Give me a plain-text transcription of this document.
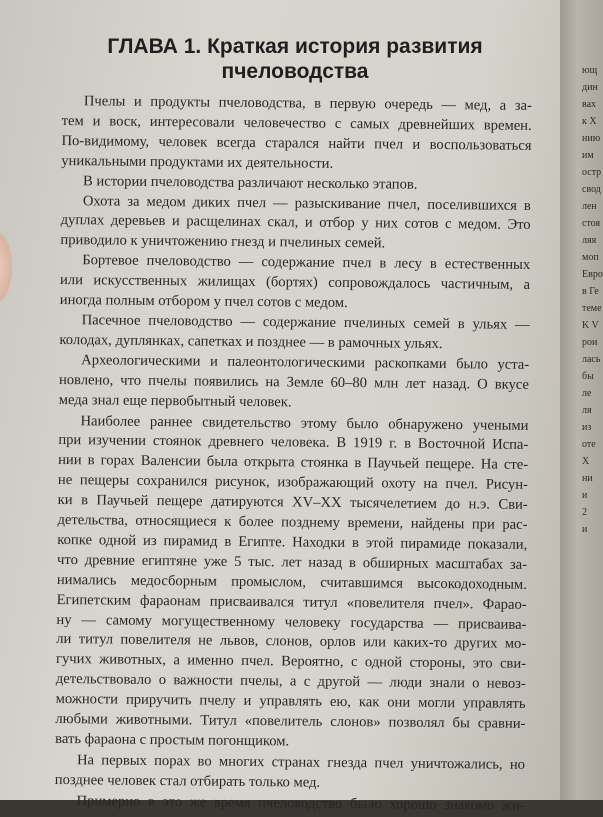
ГЛАВА 1. Краткая история развития
пчеловодства

Пчелы и продукты пчеловодства, в первую очередь — мед, а за-
тем и воск, интересовали человечество с самых древнейших времен.
По-видимому, человек всегда старался найти пчел и воспользоваться
уникальными продуктами их деятельности.

В истории пчеловодства различают несколько этапов.

Охота за медом диких пчел — разыскивание пчел, поселившихся в
дуплах деревьев и расщелинах скал, и отбор у них сотов с медом. Это
приводило к уничтожению гнезд и пчелиных семей.

Бортевое пчеловодство — содержание пчел в лесу в естественных
или искусственных жилищах (бортях) сопровождалось частичным, а
иногда полным отбором у пчел сотов с медом.

Пасечное пчеловодство — содержание пчелиных семей в ульях —
колодах, дуплянках, сапетках и позднее — в рамочных ульях.

Археологическими и палеонтологическими раскопками было уста-
новлено, что пчелы появились на Земле 60–80 млн лет назад. О вкусе
меда знал еще первобытный человек.

Наиболее раннее свидетельство этому было обнаружено учеными
при изучении стоянок древнего человека. В 1919 г. в Восточной Испа-
нии в горах Валенсии была открыта стоянка в Паучьей пещере. На сте-
не пещеры сохранился рисунок, изображающий охоту на пчел. Рисун-
ки в Паучьей пещере датируются XV–XX тысячелетием до н.э. Сви-
детельства, относящиеся к более позднему времени, найдены при рас-
копке одной из пирамид в Египте. Находки в этой пирамиде показали,
что древние египтяне уже 5 тыс. лет назад в обширных масштабах за-
нимались медосборным промыслом, считавшимся высокодоходным.
Египетским фараонам присваивался титул «повелителя пчел». Фарао-
ну — самому могущественному человеку государства — присваива-
ли титул повелителя не львов, слонов, орлов или каких-то других мо-
гучих животных, а именно пчел. Вероятно, с одной стороны, это сви-
детельствовало о важности пчелы, а с другой — люди знали о невоз-
можности приручить пчелу и управлять ею, как они могли управлять
любыми животными. Титул «повелитель слонов» позволял бы сравни-
вать фараона с простым погонщиком.

На первых порах во многих странах гнезда пчел уничтожались, но
позднее человек стал отбирать только мед.

Примерно в это же время пчеловодство было хорошо знакомо жи-

ющ
дин
вах
к X
нию
им
остр
свод
лен
стоя
ляя
моп
Евро
в Ге
теме
K V
рои
лась
бы
ле
ля
из
оте
X
ни
и
2
и
